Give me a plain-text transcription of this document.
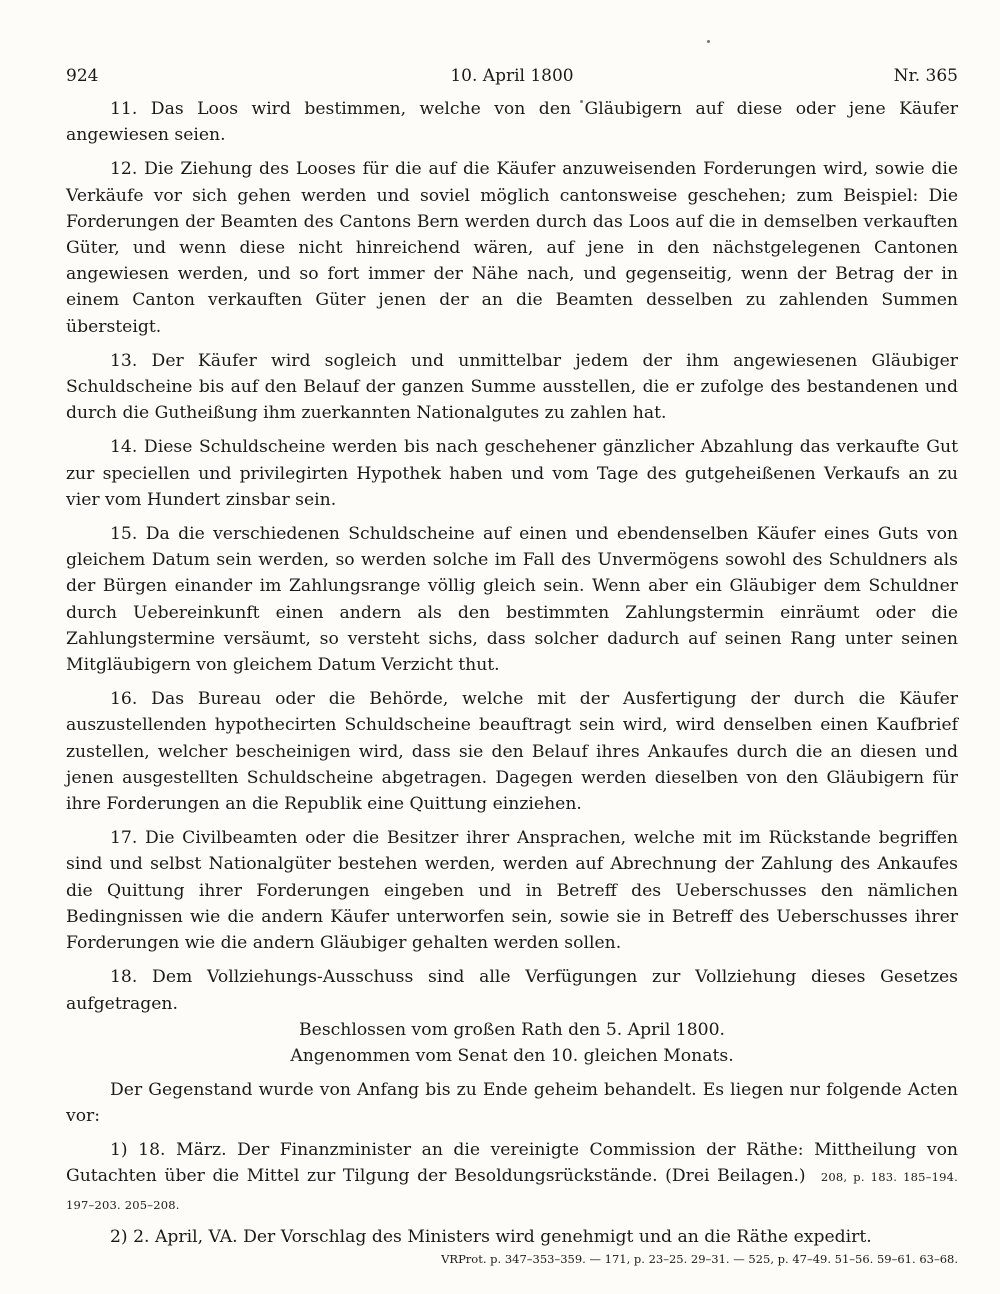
924	10. April 1800	Nr. 365

11. Das Loos wird bestimmen, welche von den Gläubigern auf diese oder jene Käufer angewiesen seien.

12. Die Ziehung des Looses für die auf die Käufer anzuweisenden Forderungen wird, sowie die Verkäufe vor sich gehen werden und soviel möglich cantonsweise geschehen; zum Beispiel: Die Forderungen der Beamten des Cantons Bern werden durch das Loos auf die in demselben verkauften Güter, und wenn diese nicht hinreichend wären, auf jene in den nächstgelegenen Cantonen angewiesen werden, und so fort immer der Nähe nach, und gegenseitig, wenn der Betrag der in einem Canton verkauften Güter jenen der an die Beamten desselben zu zahlenden Summen übersteigt.

13. Der Käufer wird sogleich und unmittelbar jedem der ihm angewiesenen Gläubiger Schuldscheine bis auf den Belauf der ganzen Summe ausstellen, die er zufolge des bestandenen und durch die Gutheißung ihm zuerkannten Nationalgutes zu zahlen hat.

14. Diese Schuldscheine werden bis nach geschehener gänzlicher Abzahlung das verkaufte Gut zur speciellen und privilegirten Hypothek haben und vom Tage des gutgeheißenen Verkaufs an zu vier vom Hundert zinsbar sein.

15. Da die verschiedenen Schuldscheine auf einen und ebendenselben Käufer eines Guts von gleichem Datum sein werden, so werden solche im Fall des Unvermögens sowohl des Schuldners als der Bürgen einander im Zahlungsrange völlig gleich sein. Wenn aber ein Gläubiger dem Schuldner durch Uebereinkunft einen andern als den bestimmten Zahlungstermin einräumt oder die Zahlungstermine versäumt, so versteht sichs, dass solcher dadurch auf seinen Rang unter seinen Mitgläubigern von gleichem Datum Verzicht thut.

16. Das Bureau oder die Behörde, welche mit der Ausfertigung der durch die Käufer auszustellenden hypothecirten Schuldscheine beauftragt sein wird, wird denselben einen Kaufbrief zustellen, welcher bescheinigen wird, dass sie den Belauf ihres Ankaufes durch die an diesen und jenen ausgestellten Schuldscheine abgetragen. Dagegen werden dieselben von den Gläubigern für ihre Forderungen an die Republik eine Quittung einziehen.

17. Die Civilbeamten oder die Besitzer ihrer Ansprachen, welche mit im Rückstande begriffen sind und selbst Nationalgüter bestehen werden, werden auf Abrechnung der Zahlung des Ankaufes die Quittung ihrer Forderungen eingeben und in Betreff des Ueberschusses den nämlichen Bedingnissen wie die andern Käufer unterworfen sein, sowie sie in Betreff des Ueberschusses ihrer Forderungen wie die andern Gläubiger gehalten werden sollen.

18. Dem Vollziehungs-Ausschuss sind alle Verfügungen zur Vollziehung dieses Gesetzes aufgetragen.

Beschlossen vom großen Rath den 5. April 1800.

Angenommen vom Senat den 10. gleichen Monats.

Der Gegenstand wurde von Anfang bis zu Ende geheim behandelt. Es liegen nur folgende Acten vor:

1) 18. März. Der Finanzminister an die vereinigte Commission der Räthe: Mittheilung von Gutachten über die Mittel zur Tilgung der Besoldungsrückstände. (Drei Beilagen.) 208, p. 183. 185–194. 197–203. 205–208.

2) 2. April, VA. Der Vorschlag des Ministers wird genehmigt und an die Räthe expedirt.

VRProt. p. 347–353–359. — 171, p. 23–25. 29–31. — 525, p. 47–49. 51–56. 59–61. 63–68.
